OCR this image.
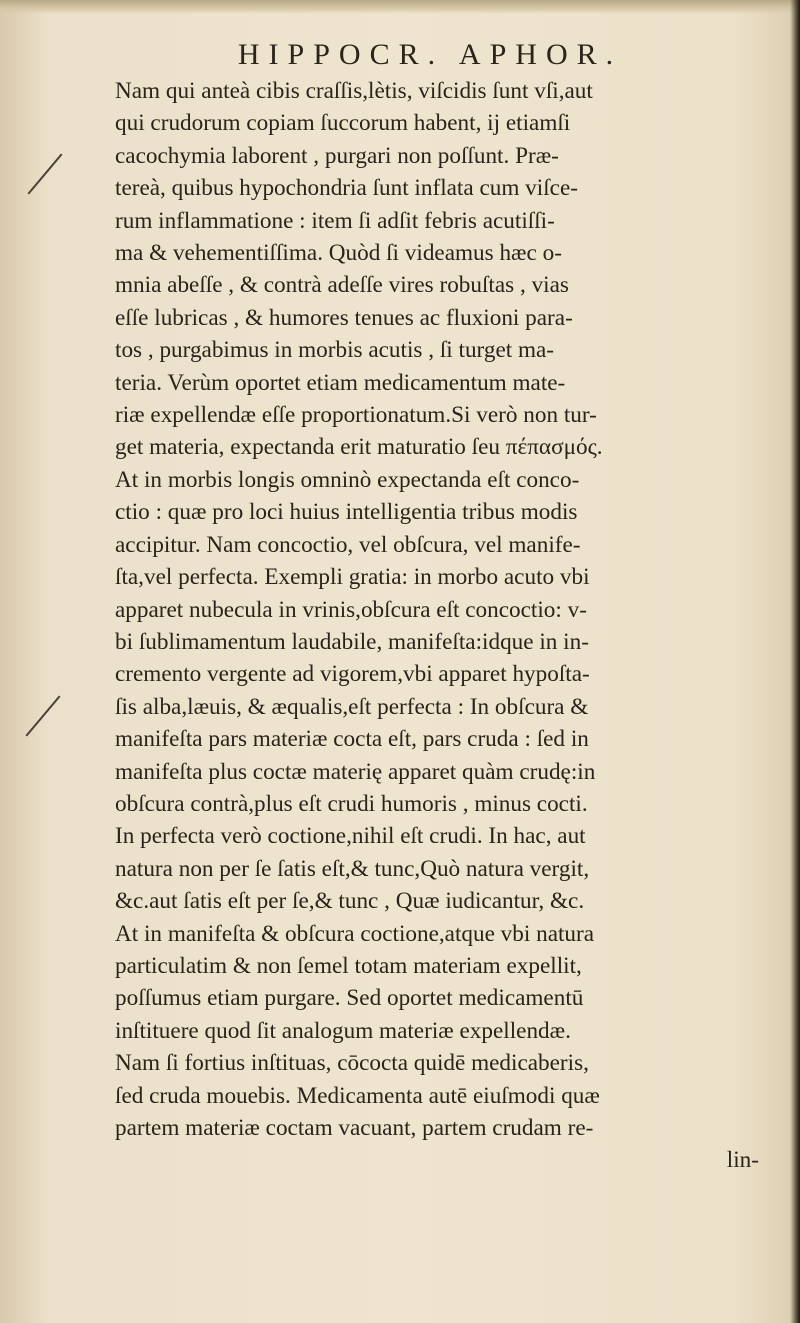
HIPPOCR. APHOR.
Nam qui anteà cibis craſſis,lètis, viſcidis ſunt vſi,aut
qui crudorum copiam ſuccorum habent, ij etiamſi
cacochymia laborent , purgari non poſſunt. Præ-
tereà, quibus hypochondria ſunt inflata cum viſce-
rum inflammatione : item ſi adſit febris acutiſſi-
ma & vehementiſſima. Quòd ſi videamus hæc o-
mnia abeſſe , & contrà adeſſe vires robuſtas , vias
eſſe lubricas , & humores tenues ac fluxioni para-
tos , purgabimus in morbis acutis , ſi turget ma-
teria. Verùm oportet etiam medicamentum mate-
riæ expellendæ eſſe proportionatum.Si verò non tur-
get materia, expectanda erit maturatio ſeu πέπασμός.
At in morbis longis omninò expectanda eſt conco-
ctio : quæ pro loci huius intelligentia tribus modis
accipitur. Nam concoctio, vel obſcura, vel manife-
ſta,vel perfecta. Exempli gratia: in morbo acuto vbi
apparet nubecula in vrinis,obſcura eſt concoctio: v-
bi ſublimamentum laudabile, manifeſta:idque in in-
cremento vergente ad vigorem,vbi apparet hypoſta-
ſis alba,læuis, & æqualis,eſt perfecta : In obſcura &
manifeſta pars materiæ cocta eſt, pars cruda : ſed in
manifeſta plus coctæ materię apparet quàm crudę:in
obſcura contrà,plus eſt crudi humoris , minus cocti.
In perfecta verò coctione,nihil eſt crudi. In hac, aut
natura non per ſe ſatis eſt,& tunc,Quò natura vergit,
&c.aut ſatis eſt per ſe,& tunc , Quæ iudicantur, &c.
At in manifeſta & obſcura coctione,atque vbi natura
particulatim & non ſemel totam materiam expellit,
poſſumus etiam purgare. Sed oportet medicamentū
inſtituere quod ſit analogum materiæ expellendæ.
Nam ſi fortius inſtituas, cōcocta quidē medicaberis,
ſed cruda mouebis. Medicamenta autē eiuſmodi quæ
partem materiæ coctam vacuant, partem crudam re-
lin-
